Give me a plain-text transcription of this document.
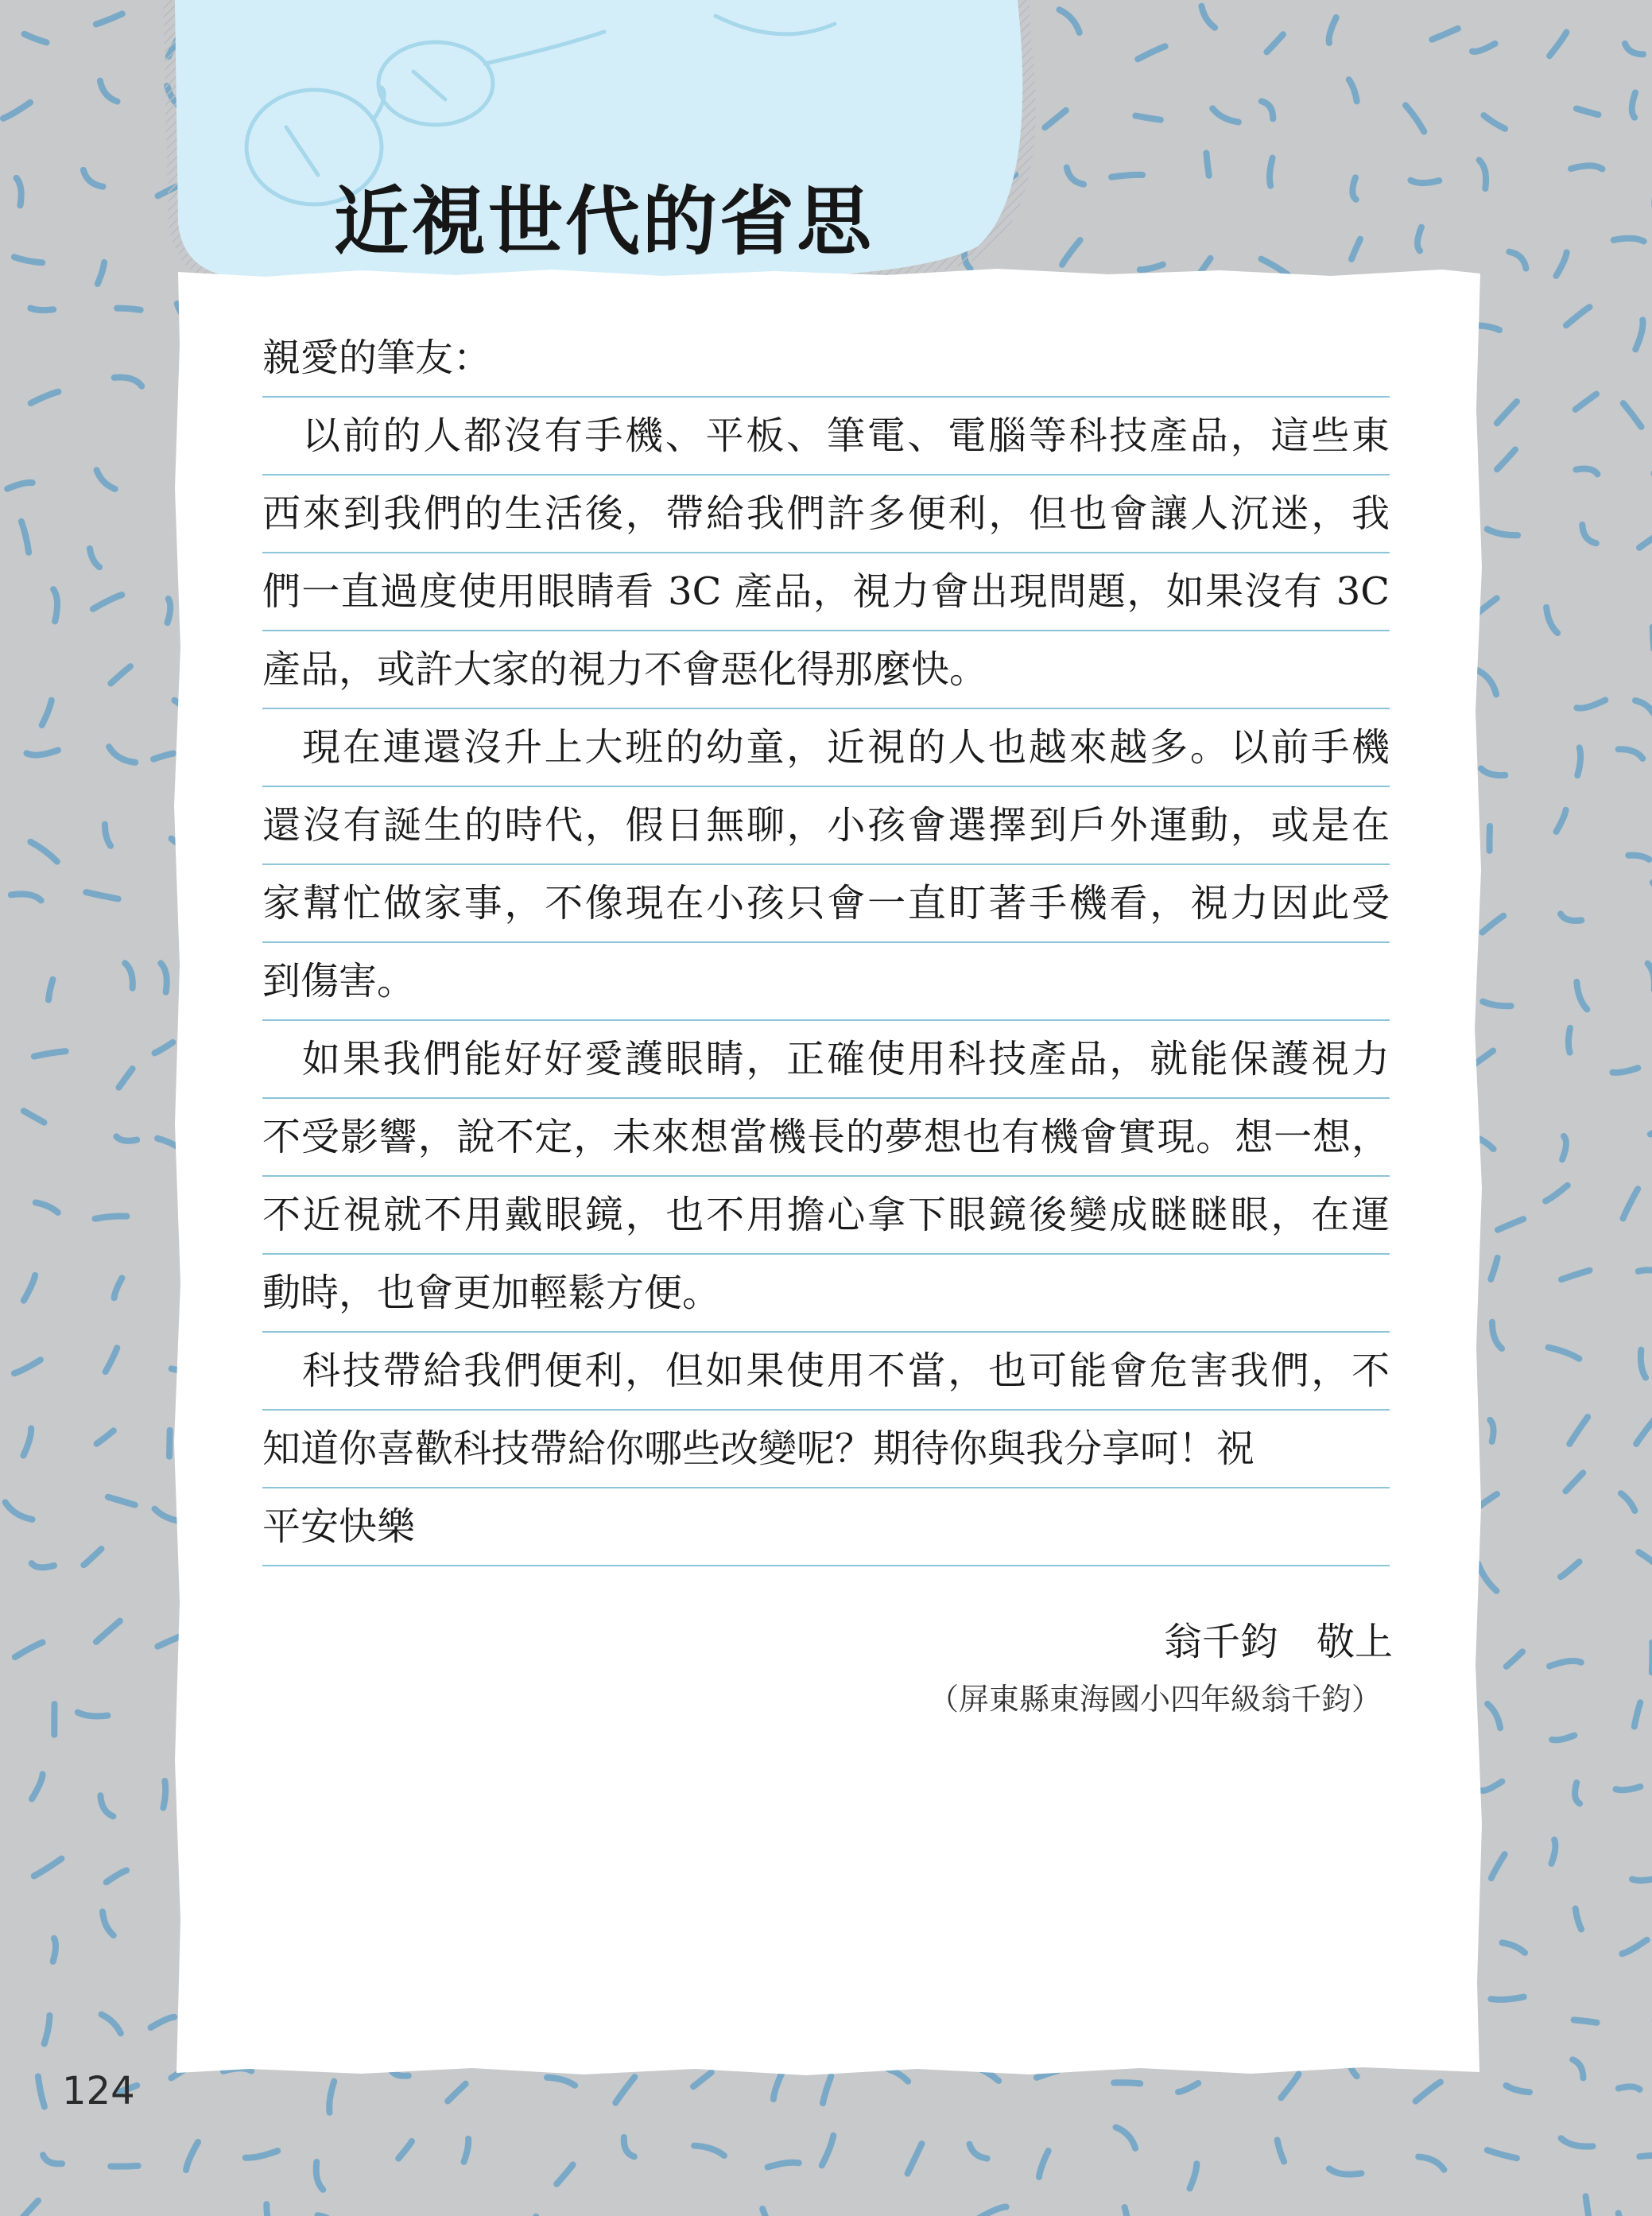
近視世代的省思
親愛的筆友：
以前的人都沒有手機、平板、筆電、電腦等科技產品，這些東
西來到我們的生活後，帶給我們許多便利，但也會讓人沉迷，我
們一直過度使用眼睛看 3C 產品，視力會出現問題，如果沒有 3C
產品，或許大家的視力不會惡化得那麼快。
現在連還沒升上大班的幼童，近視的人也越來越多。以前手機
還沒有誕生的時代，假日無聊，小孩會選擇到戶外運動，或是在
家幫忙做家事，不像現在小孩只會一直盯著手機看，視力因此受
到傷害。
如果我們能好好愛護眼睛，正確使用科技產品，就能保護視力
不受影響，說不定，未來想當機長的夢想也有機會實現。想一想，
不近視就不用戴眼鏡，也不用擔心拿下眼鏡後變成瞇瞇眼，在運
動時，也會更加輕鬆方便。
科技帶給我們便利，但如果使用不當，也可能會危害我們，不
知道你喜歡科技帶給你哪些改變呢？期待你與我分享呵！祝
平安快樂
翁千鈞　敬上
（屏東縣東海國小四年級翁千鈞）
124
